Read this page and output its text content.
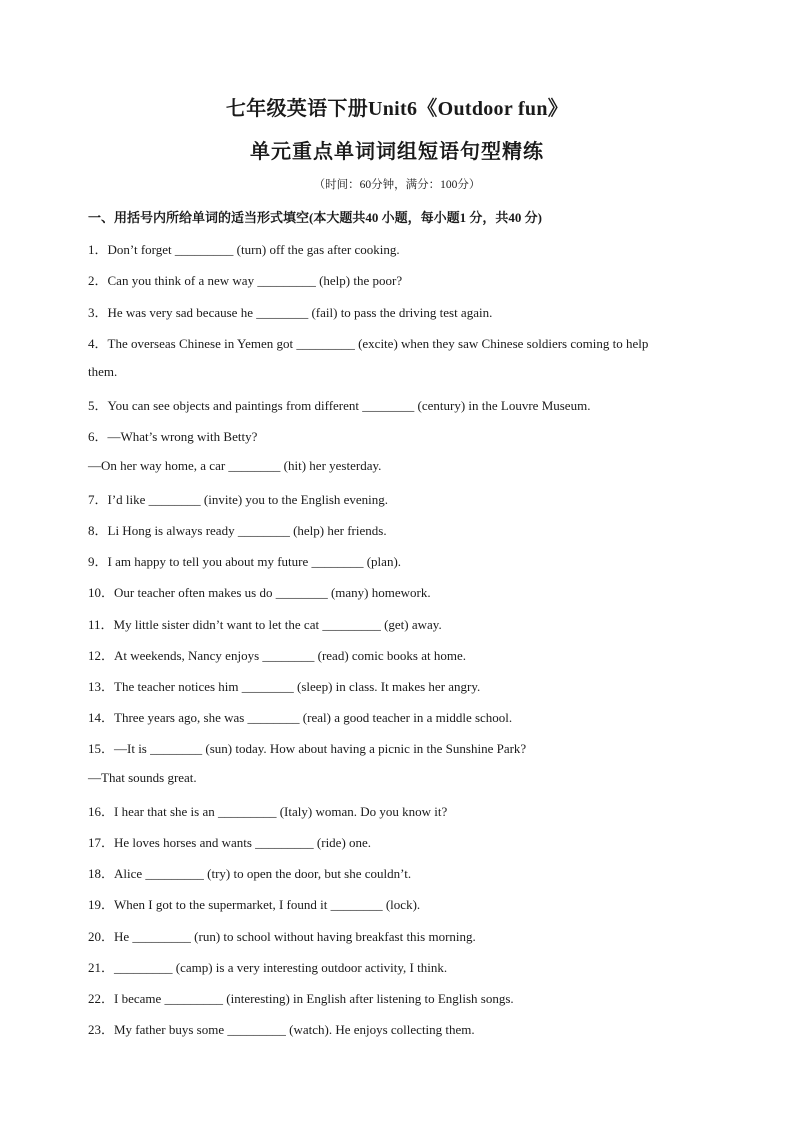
七年级英语下册Unit6《Outdoor fun》
单元重点单词词组短语句型精练
（时间：60分钟，满分：100分）
一、用括号内所给单词的适当形式填空(本大题共40 小题，每小题1 分，共40 分)
1．Don’t forget _________ (turn) off the gas after cooking.
2．Can you think of a new way _________ (help) the poor?
3．He was very sad because he ________ (fail) to pass the driving test again.
4．The overseas Chinese in Yemen got _________ (excite) when they saw Chinese soldiers coming to help
them.
5．You can see objects and paintings from different ________ (century) in the Louvre Museum.
6．—What’s wrong with Betty?
—On her way home, a car ________ (hit) her yesterday.
7．I’d like ________ (invite) you to the English evening.
8．Li Hong is always ready ________ (help) her friends.
9．I am happy to tell you about my future ________ (plan).
10．Our teacher often makes us do ________ (many) homework.
11．My little sister didn’t want to let the cat _________ (get) away.
12．At weekends, Nancy enjoys ________ (read) comic books at home.
13．The teacher notices him ________ (sleep) in class. It makes her angry.
14．Three years ago, she was ________ (real) a good teacher in a middle school.
15．—It is ________ (sun) today. How about having a picnic in the Sunshine Park?
—That sounds great.
16．I hear that she is an _________ (Italy) woman. Do you know it?
17．He loves horses and wants _________ (ride) one.
18．Alice _________ (try) to open the door, but she couldn’t.
19．When I got to the supermarket, I found it ________ (lock).
20．He _________ (run) to school without having breakfast this morning.
21．_________ (camp) is a very interesting outdoor activity, I think.
22．I became _________ (interesting) in English after listening to English songs.
23．My father buys some _________ (watch). He enjoys collecting them.
